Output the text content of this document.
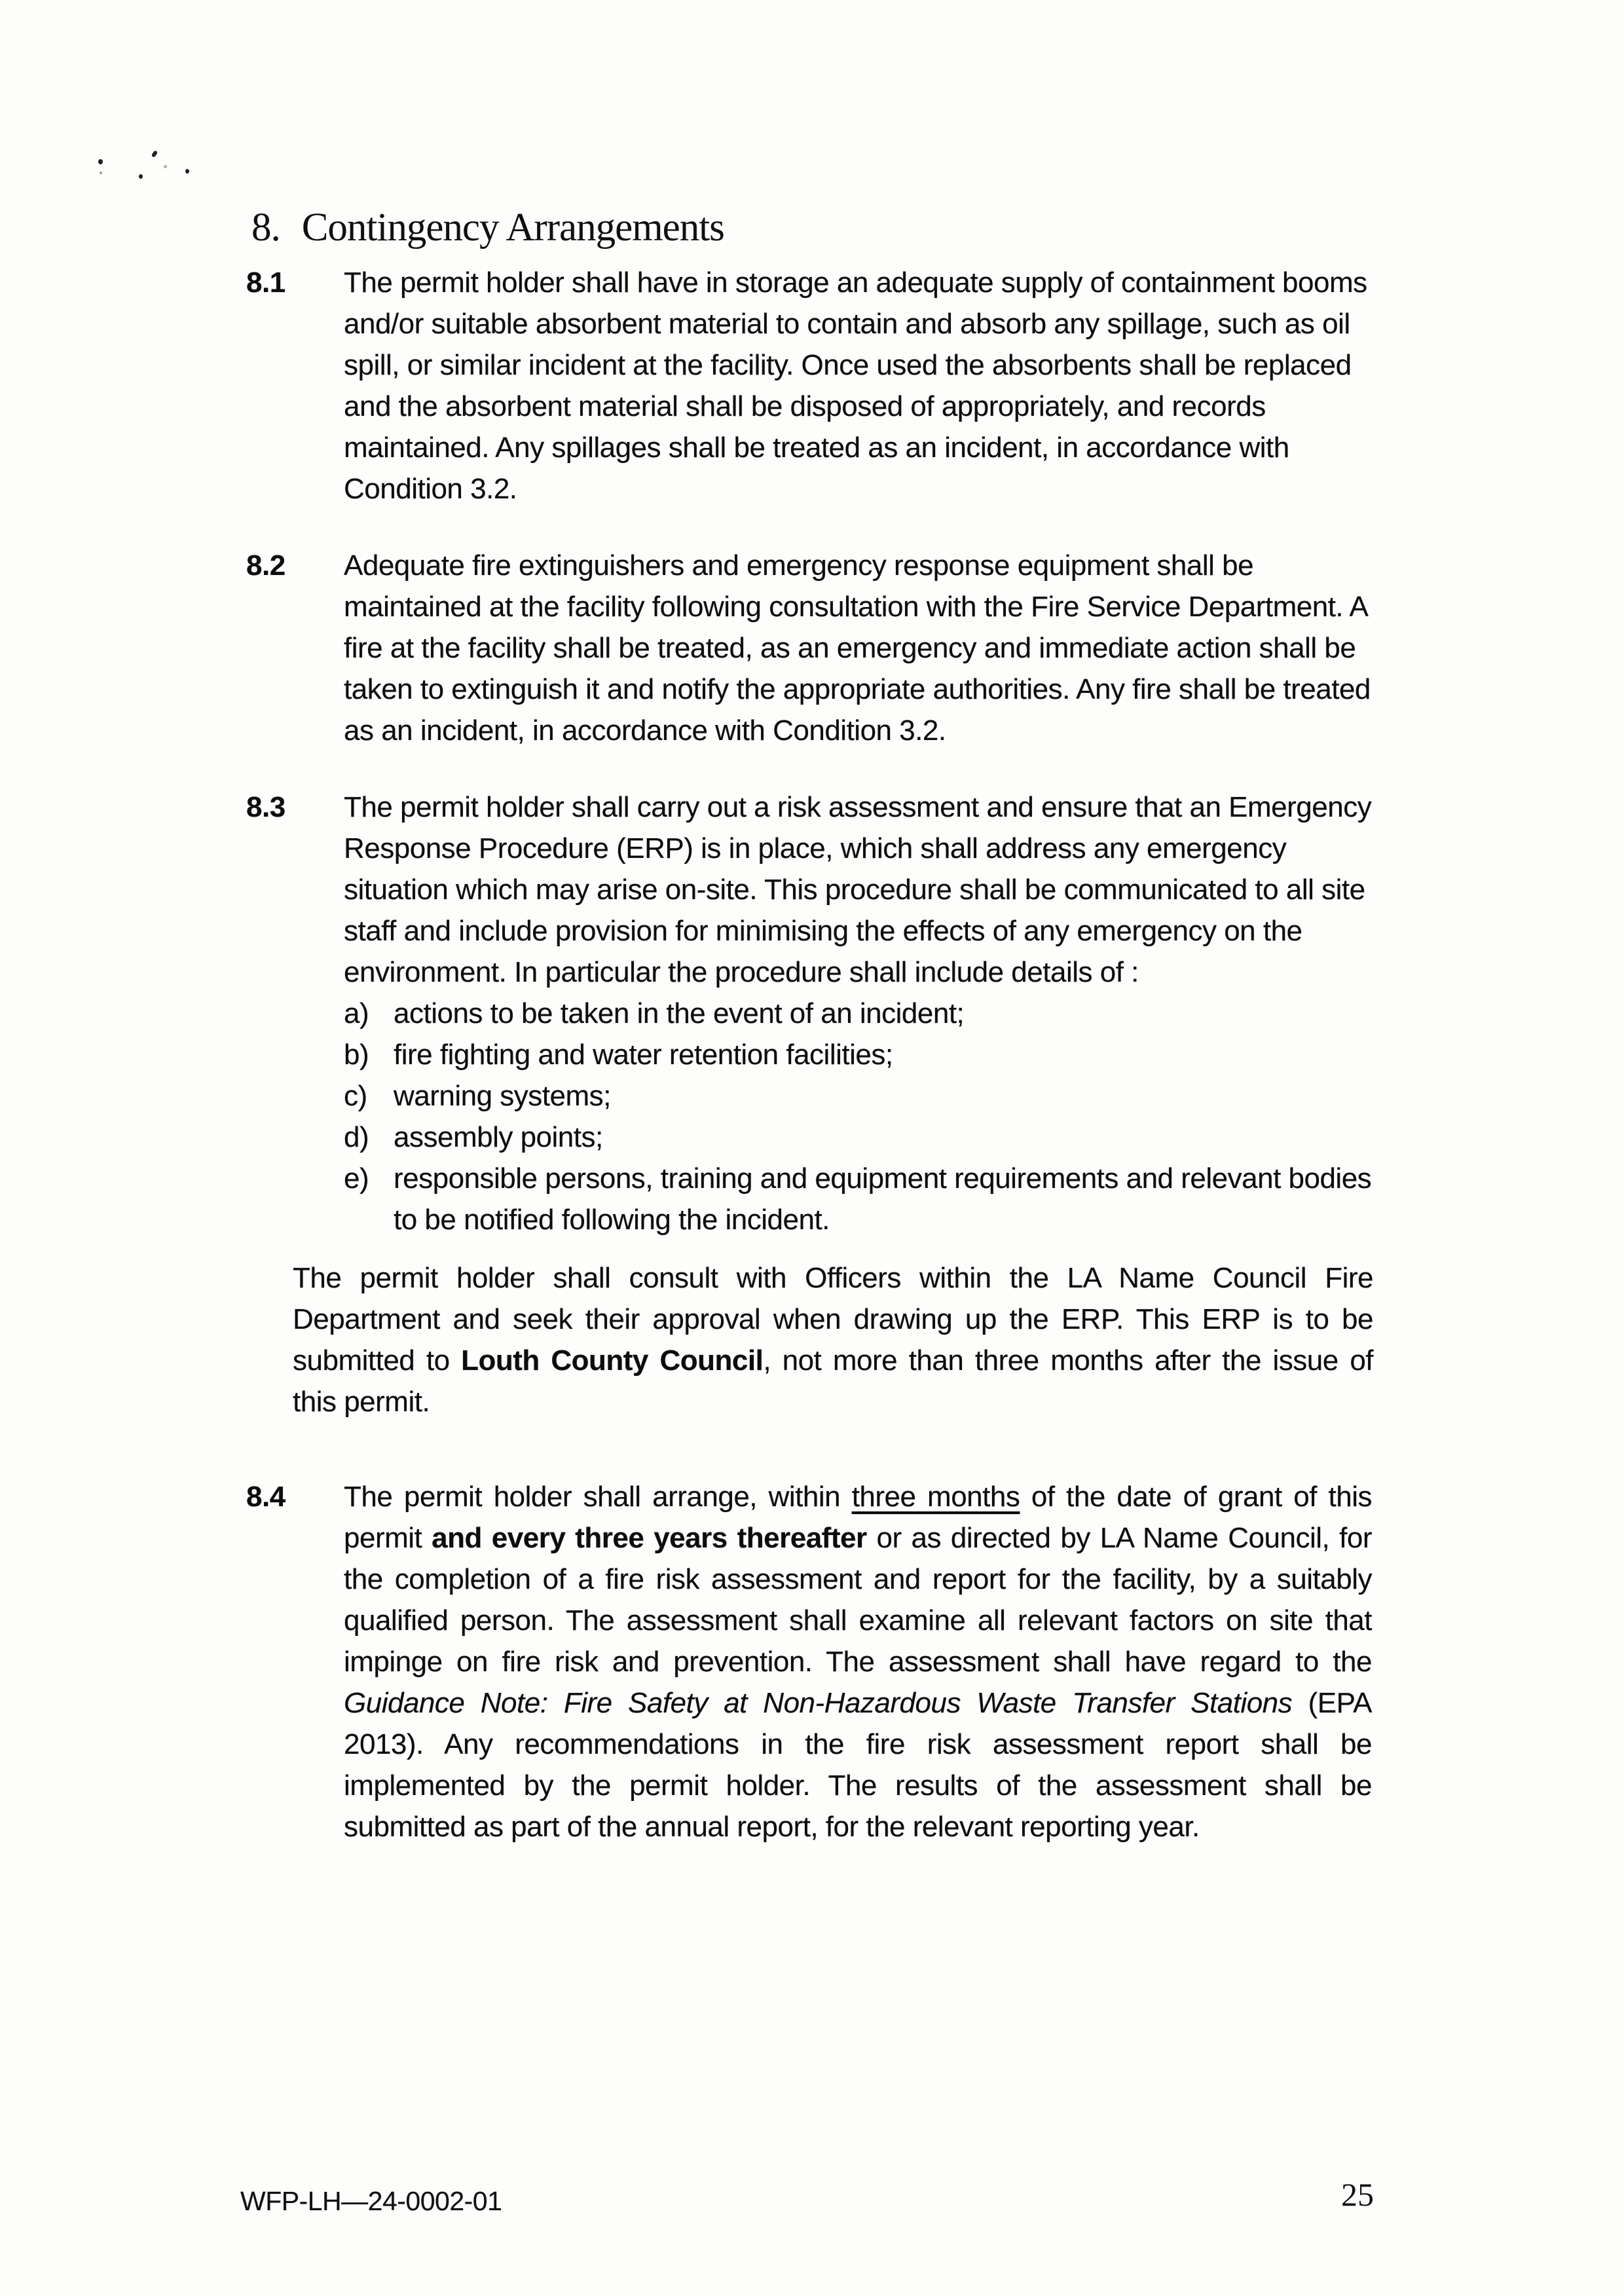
8. Contingency Arrangements
8.1	The permit holder shall have in storage an adequate supply of containment booms and/or suitable absorbent material to contain and absorb any spillage, such as oil spill, or similar incident at the facility. Once used the absorbents shall be replaced and the absorbent material shall be disposed of appropriately, and records maintained. Any spillages shall be treated as an incident, in accordance with Condition 3.2.

8.2	Adequate fire extinguishers and emergency response equipment shall be maintained at the facility following consultation with the Fire Service Department. A fire at the facility shall be treated, as an emergency and immediate action shall be taken to extinguish it and notify the appropriate authorities. Any fire shall be treated as an incident, in accordance with Condition 3.2.

8.3	The permit holder shall carry out a risk assessment and ensure that an Emergency Response Procedure (ERP) is in place, which shall address any emergency situation which may arise on-site. This procedure shall be communicated to all site staff and include provision for minimising the effects of any emergency on the environment. In particular the procedure shall include details of :

a) actions to be taken in the event of an incident;
b) fire fighting and water retention facilities;
c) warning systems;
d) assembly points;
e) responsible persons, training and equipment requirements and relevant bodies to be notified following the incident.

The permit holder shall consult with Officers within the LA Name Council Fire Department and seek their approval when drawing up the ERP. This ERP is to be submitted to Louth County Council, not more than three months after the issue of this permit.

8.4	The permit holder shall arrange, within three months of the date of grant of this permit and every three years thereafter or as directed by LA Name Council, for the completion of a fire risk assessment and report for the facility, by a suitably qualified person. The assessment shall examine all relevant factors on site that impinge on fire risk and prevention. The assessment shall have regard to the Guidance Note: Fire Safety at Non-Hazardous Waste Transfer Stations (EPA 2013). Any recommendations in the fire risk assessment report shall be implemented by the permit holder. The results of the assessment shall be submitted as part of the annual report, for the relevant reporting year.

WFP-LH—24-0002-01	25
